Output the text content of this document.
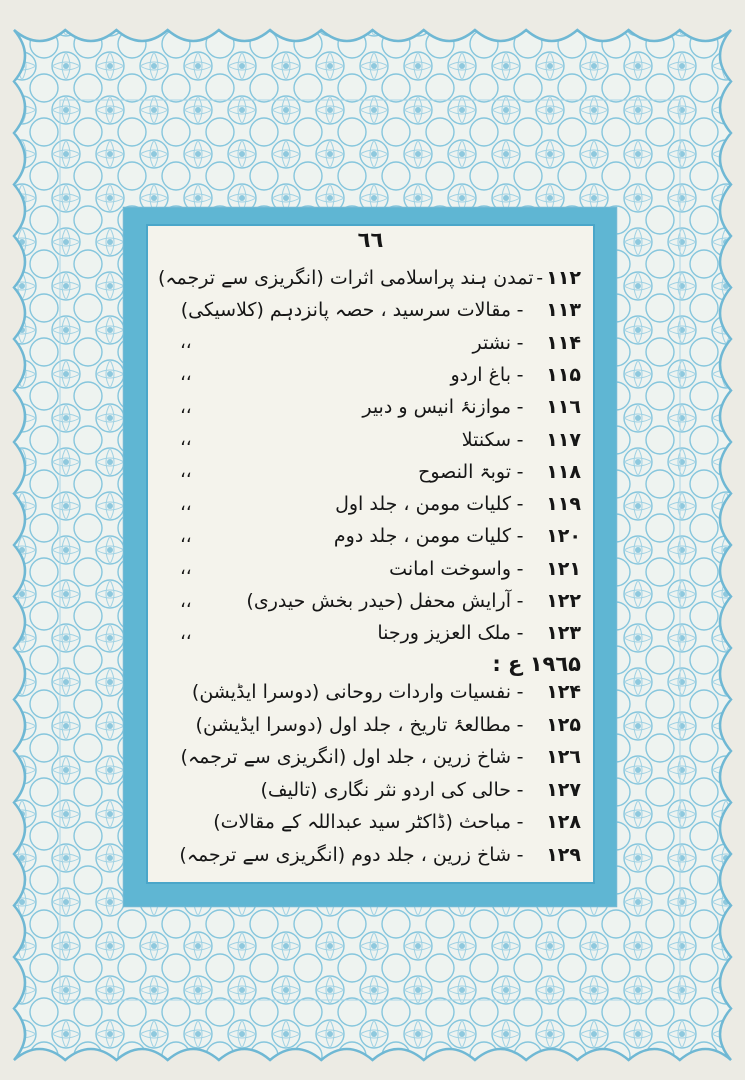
٦٦
١١٢
-
تمدن ہند پراسلامی اثرات (انگریزی سے ترجمہ)
١١٣
-
مقالات سرسید ، حصہ پانزدہم (کلاسیکی)
١١۴
-
نشتر
،،
١١۵
-
باغ اردو
،،
١١٦
-
موازنۂ انیس و دبیر
،،
١١٧
-
سکنتلا
،،
١١٨
-
توبۃ النصوح
،،
١١٩
-
کلیات مومن ، جلد اول
،،
١٢٠
-
کلیات مومن ، جلد دوم
،،
١٢١
-
واسوخت امانت
،،
١٢٢
-
آرایش محفل (حیدر بخش حیدری)
،،
١٢٣
-
ملک العزیز ورجنا
،،
١٩٦۵ ع :
١٢۴
-
نفسیات واردات روحانی (دوسرا ایڈیشن)
١٢۵
-
مطالعۂ تاریخ ، جلد اول (دوسرا ایڈیشن)
١٢٦
-
شاخ زرین ، جلد اول (انگریزی سے ترجمہ)
١٢٧
-
حالی کی اردو نثر نگاری (تالیف)
١٢٨
-
مباحث (ڈاکٹر سید عبداللہ کے مقالات)
١٢٩
-
شاخ زرین ، جلد دوم (انگریزی سے ترجمہ)
